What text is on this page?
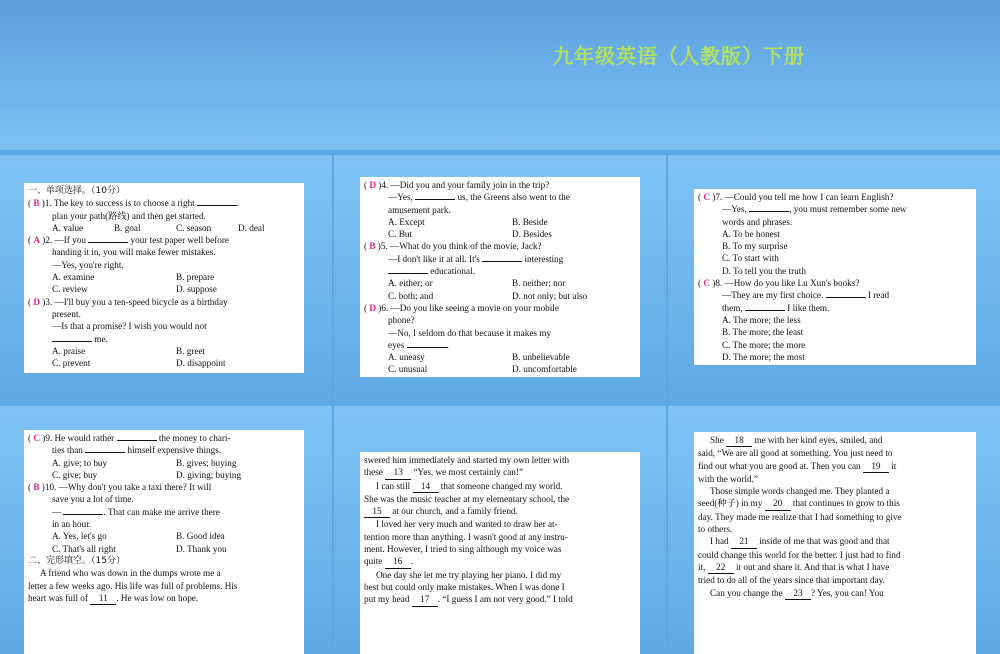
九年级英语（人教版）下册
一、单项选择。（10分）
( B )1. The key to success is to choose a right	.
plan your path(路线) and then get started.
A. value	B. goal	C. season	D. deal
( A )2. —If you	your test paper well before
handing it in, you will make fewer mistakes.
—Yes, you're right.
A. examine	B. prepare
C. review	D. suppose
( D )3. —I'll buy you a ten-speed bicycle as a birthday
present.
—Is that a promise? I wish you would not
me.
A. praise	B. greet
C. prevent	D. disappoint
( D )4. —Did you and your family join in the trip?
—Yes,	us, the Greens also went to the
amusement park.
A. Except	B. Beside
C. But	D. Besides
( B )5. —What do you think of the movie, Jack?
—I don't like it at all. It's	interesting
educational.
A. either; or	B. neither; nor
C. both; and	D. not only; but also
( D )6. —Do you like seeing a movie on your mobile
phone?
—No, I seldom do that because it makes my
eyes	.
A. uneasy	B. unbelievable
C. unusual	D. uncomfortable
( C )7. —Could you tell me how I can learn English?
—Yes,	, you must remember some new
words and phrases.
A. To be honest
B. To my surprise
C. To start with
D. To tell you the truth
( C )8. —How do you like Lu Xun's books?
—They are my first choice.	I read
them,	I like them.
A. The more; the less
B. The more; the least
C. The more; the more
D. The more; the most
( C )9. He would rather	the money to chari-
ties than	himself expensive things.
A. give; to buy	B. gives; buying
C. give; buy	D. giving; buying
( B )10. —Why don't you take a taxi there? It will
save you a lot of time.
—	. That can make me arrive there
in an hour.
A. Yes, let's go	B. Good idea
C. That's all right	D. Thank you
二、完形填空。（15分）
A friend who was down in the dumps wrote me a
letter a few weeks ago. His life was full of problems. His
heart was full of 11 . He was low on hope.
swered him immediately and started my own letter with
these 13 “Yes, we most certainly can!”
I can still 14 that someone changed my world.
She was the music teacher at my elementary school, the
15 at our church, and a family friend.
I loved her very much and wanted to draw her at-
tention more than anything. I wasn't good at any instru-
ment. However, I tried to sing although my voice was
quite 16 .
One day she let me try playing her piano. I did my
best but could only make mistakes. When I was done I
put my head 17 . “I guess I am not very good.” I told
She 18 me with her kind eyes, smiled, and
said, “We are all good at something. You just need to
find out what you are good at. Then you can 19 it
with the world.”
Those simple words changed me. They planted a
seed(种子) in my 20 that continues to grow to this
day. They made me realize that I had something to give
to others.
I had 21 inside of me that was good and that
could change this world for the better. I just had to find
it, 22 it out and share it. And that is what I have
tried to do all of the years since that important day.
Can you change the 23 ? Yes, you can! You
